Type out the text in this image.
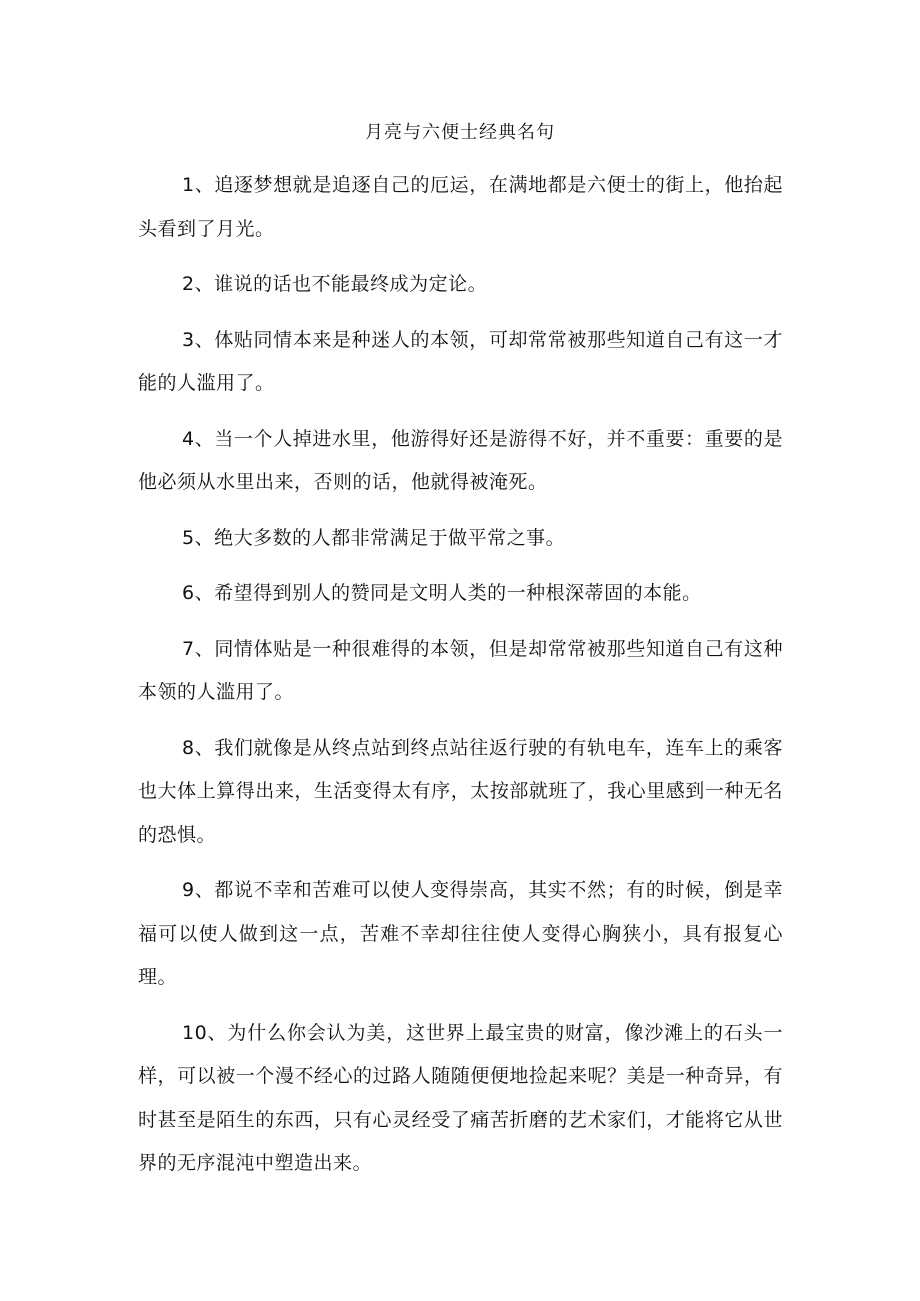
月亮与六便士经典名句

1、追逐梦想就是追逐自己的厄运，在满地都是六便士的街上，他抬起头看到了月光。

2、谁说的话也不能最终成为定论。

3、体贴同情本来是种迷人的本领，可却常常被那些知道自己有这一才能的人滥用了。

4、当一个人掉进水里，他游得好还是游得不好，并不重要：重要的是他必须从水里出来，否则的话，他就得被淹死。

5、绝大多数的人都非常满足于做平常之事。

6、希望得到别人的赞同是文明人类的一种根深蒂固的本能。

7、同情体贴是一种很难得的本领，但是却常常被那些知道自己有这种本领的人滥用了。

8、我们就像是从终点站到终点站往返行驶的有轨电车，连车上的乘客也大体上算得出来，生活变得太有序，太按部就班了，我心里感到一种无名的恐惧。

9、都说不幸和苦难可以使人变得崇高，其实不然；有的时候，倒是幸福可以使人做到这一点，苦难不幸却往往使人变得心胸狭小，具有报复心理。

10、为什么你会认为美，这世界上最宝贵的财富，像沙滩上的石头一样，可以被一个漫不经心的过路人随随便便地捡起来呢？美是一种奇异，有时甚至是陌生的东西，只有心灵经受了痛苦折磨的艺术家们，才能将它从世界的无序混沌中塑造出来。
